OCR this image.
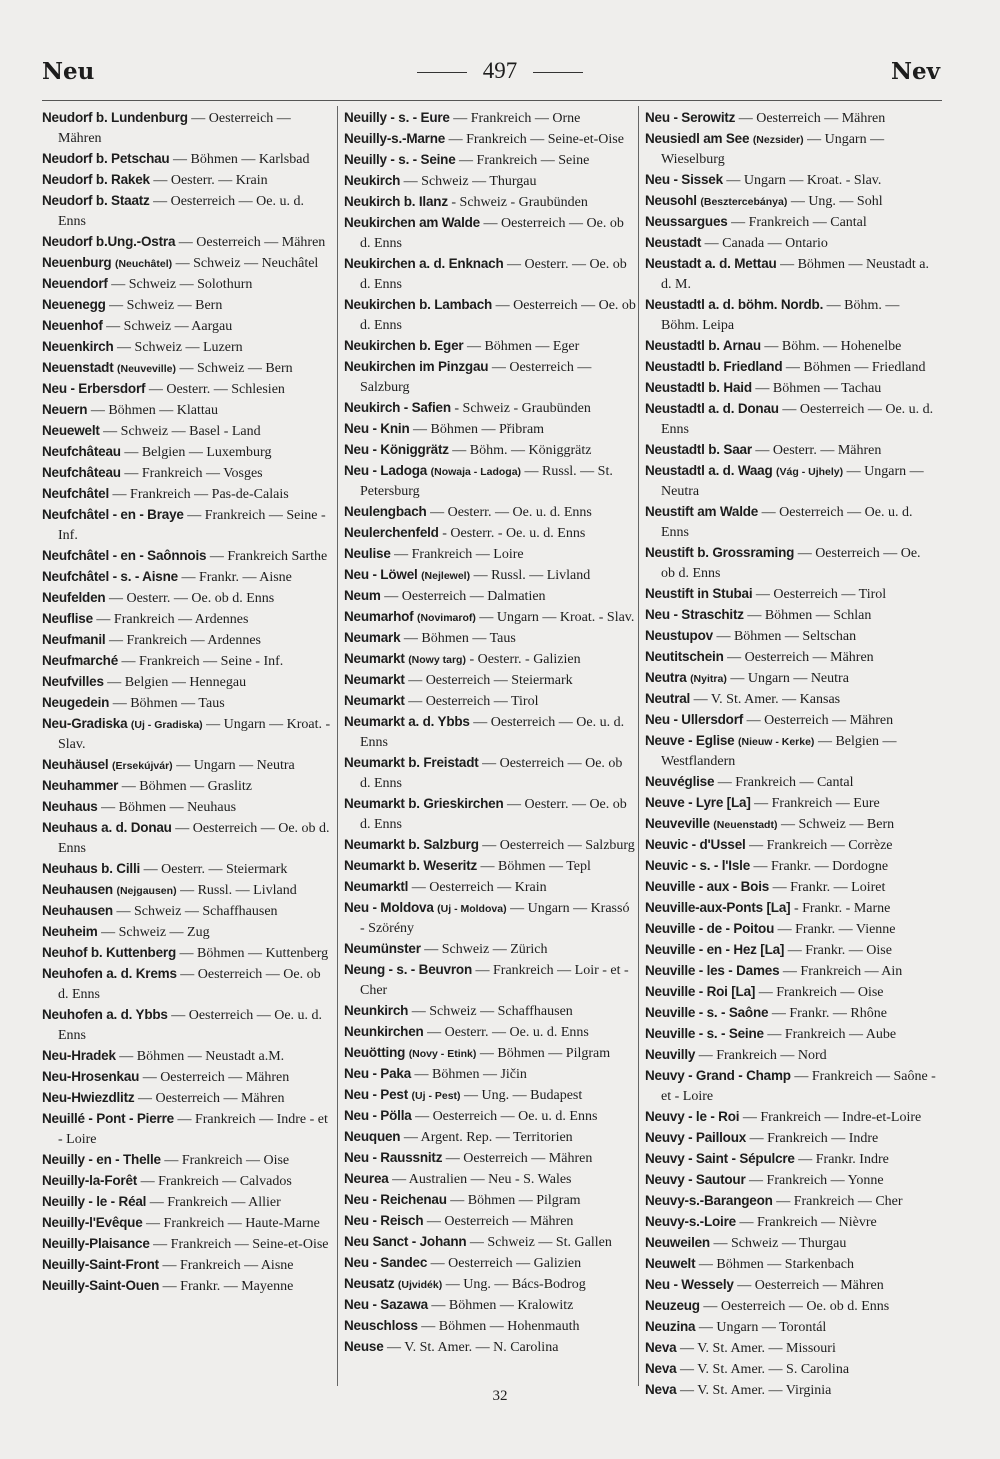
Neu	497	Nev

Neudorf b. Lundenburg — Oesterreich — Mähren

Neudorf b. Petschau — Böhmen — Karlsbad

Neudorf b. Rakek — Oesterr. — Krain

Neudorf b. Staatz — Oesterreich — Oe. u. d. Enns

Neudorf b.Ung.-Ostra — Oesterreich — Mähren

Neuenburg (Neuchâtel) — Schweiz — Neuchâtel

Neuendorf — Schweiz — Solothurn

Neuenegg — Schweiz — Bern

Neuenhof — Schweiz — Aargau

Neuenkirch — Schweiz — Luzern

Neuenstadt (Neuveville) — Schweiz — Bern

Neu - Erbersdorf — Oesterr. — Schlesien

Neuern — Böhmen — Klattau

Neuewelt — Schweiz — Basel - Land

Neufchâteau — Belgien — Luxemburg

Neufchâteau — Frankreich — Vosges

Neufchâtel — Frankreich — Pas-de-Calais

Neufchâtel - en - Braye — Frankreich — Seine - Inf.

Neufchâtel - en - Saônnois — Frankreich Sarthe

Neufchâtel - s. - Aisne — Frankr. — Aisne

Neufelden — Oesterr. — Oe. ob d. Enns

Neuflise — Frankreich — Ardennes

Neufmanil — Frankreich — Ardennes

Neufmarché — Frankreich — Seine - Inf.

Neufvilles — Belgien — Hennegau

Neugedein — Böhmen — Taus

Neu-Gradiska (Uj - Gradiska) — Ungarn — Kroat. - Slav.

Neuhäusel (Ersekújvár) — Ungarn — Neutra

Neuhammer — Böhmen — Graslitz

Neuhaus — Böhmen — Neuhaus

Neuhaus a. d. Donau — Oesterreich — Oe. ob d. Enns

Neuhaus b. Cilli — Oesterr. — Steiermark

Neuhausen (Nejgausen) — Russl. — Livland

Neuhausen — Schweiz — Schaffhausen

Neuheim — Schweiz — Zug

Neuhof b. Kuttenberg — Böhmen — Kuttenberg

Neuhofen a. d. Krems — Oesterreich — Oe. ob d. Enns

Neuhofen a. d. Ybbs — Oesterreich — Oe. u. d. Enns

Neu-Hradek — Böhmen — Neustadt a.M.

Neu-Hrosenkau — Oesterreich — Mähren

Neu-Hwiezdlitz — Oesterreich — Mähren

Neuillé - Pont - Pierre — Frankreich — Indre - et - Loire

Neuilly - en - Thelle — Frankreich — Oise

Neuilly-la-Forêt — Frankreich — Calvados

Neuilly - le - Réal — Frankreich — Allier

Neuilly-l'Evêque — Frankreich — Haute-Marne

Neuilly-Plaisance — Frankreich — Seine-et-Oise

Neuilly-Saint-Front — Frankreich — Aisne

Neuilly-Saint-Ouen — Frankr. — Mayenne

Neuilly - s. - Eure — Frankreich — Orne

Neuilly-s.-Marne — Frankreich — Seine-et-Oise

Neuilly - s. - Seine — Frankreich — Seine

Neukirch — Schweiz — Thurgau

Neukirch b. Ilanz - Schweiz - Graubünden

Neukirchen am Walde — Oesterreich — Oe. ob d. Enns

Neukirchen a. d. Enknach — Oesterr. — Oe. ob d. Enns

Neukirchen b. Lambach — Oesterreich — Oe. ob d. Enns

Neukirchen b. Eger — Böhmen — Eger

Neukirchen im Pinzgau — Oesterreich — Salzburg

Neukirch - Safien - Schweiz - Graubünden

Neu - Knin — Böhmen — Přibram

Neu - Königgrätz — Böhm. — Königgrätz

Neu - Ladoga (Nowaja - Ladoga) — Russl. — St. Petersburg

Neulengbach — Oesterr. — Oe. u. d. Enns

Neulerchenfeld - Oesterr. - Oe. u. d. Enns

Neulise — Frankreich — Loire

Neu - Löwel (Nejlewel) — Russl. — Livland

Neum — Oesterreich — Dalmatien

Neumarhof (Novimarof) — Ungarn — Kroat. - Slav.

Neumark — Böhmen — Taus

Neumarkt (Nowy targ) - Oesterr. - Galizien

Neumarkt — Oesterreich — Steiermark

Neumarkt — Oesterreich — Tirol

Neumarkt a. d. Ybbs — Oesterreich — Oe. u. d. Enns

Neumarkt b. Freistadt — Oesterreich — Oe. ob d. Enns

Neumarkt b. Grieskirchen — Oesterr. — Oe. ob d. Enns

Neumarkt b. Salzburg — Oesterreich — Salzburg

Neumarkt b. Weseritz — Böhmen — Tepl

Neumarktl — Oesterreich — Krain

Neu - Moldova (Uj - Moldova) — Ungarn — Krassó - Szörény

Neumünster — Schweiz — Zürich

Neung - s. - Beuvron — Frankreich — Loir - et - Cher

Neunkirch — Schweiz — Schaffhausen

Neunkirchen — Oesterr. — Oe. u. d. Enns

Neuötting (Novy - Etink) — Böhmen — Pilgram

Neu - Paka — Böhmen — Jičin

Neu - Pest (Uj - Pest) — Ung. — Budapest

Neu - Pölla — Oesterreich — Oe. u. d. Enns

Neuquen — Argent. Rep. — Territorien

Neu - Raussnitz — Oesterreich — Mähren

Neurea — Australien — Neu - S. Wales

Neu - Reichenau — Böhmen — Pilgram

Neu - Reisch — Oesterreich — Mähren

Neu Sanct - Johann — Schweiz — St. Gallen

Neu - Sandec — Oesterreich — Galizien

Neusatz (Ujvidék) — Ung. — Bács-Bodrog

Neu - Sazawa — Böhmen — Kralowitz

Neuschloss — Böhmen — Hohenmauth

Neuse — V. St. Amer. — N. Carolina

Neu - Serowitz — Oesterreich — Mähren

Neusiedl am See (Nezsider) — Ungarn — Wieselburg

Neu - Sissek — Ungarn — Kroat. - Slav.

Neusohl (Besztercebánya) — Ung. — Sohl

Neussargues — Frankreich — Cantal

Neustadt — Canada — Ontario

Neustadt a. d. Mettau — Böhmen — Neustadt a. d. M.

Neustadtl a. d. böhm. Nordb. — Böhm. — Böhm. Leipa

Neustadtl b. Arnau — Böhm. — Hohenelbe

Neustadtl b. Friedland — Böhmen — Friedland

Neustadtl b. Haid — Böhmen — Tachau

Neustadtl a. d. Donau — Oesterreich — Oe. u. d. Enns

Neustadtl b. Saar — Oesterr. — Mähren

Neustadtl a. d. Waag (Vág - Ujhely) — Ungarn — Neutra

Neustift am Walde — Oesterreich — Oe. u. d. Enns

Neustift b. Grossraming — Oesterreich — Oe. ob d. Enns

Neustift in Stubai — Oesterreich — Tirol

Neu - Straschitz — Böhmen — Schlan

Neustupov — Böhmen — Seltschan

Neutitschein — Oesterreich — Mähren

Neutra (Nyitra) — Ungarn — Neutra

Neutral — V. St. Amer. — Kansas

Neu - Ullersdorf — Oesterreich — Mähren

Neuve - Eglise (Nieuw - Kerke) — Belgien — Westflandern

Neuvéglise — Frankreich — Cantal

Neuve - Lyre [La] — Frankreich — Eure

Neuveville (Neuenstadt) — Schweiz — Bern

Neuvic - d'Ussel — Frankreich — Corrèze

Neuvic - s. - l'Isle — Frankr. — Dordogne

Neuville - aux - Bois — Frankr. — Loiret

Neuville-aux-Ponts [La] - Frankr. - Marne

Neuville - de - Poitou — Frankr. — Vienne

Neuville - en - Hez [La] — Frankr. — Oise

Neuville - les - Dames — Frankreich — Ain

Neuville - Roi [La] — Frankreich — Oise

Neuville - s. - Saône — Frankr. — Rhône

Neuville - s. - Seine — Frankreich — Aube

Neuvilly — Frankreich — Nord

Neuvy - Grand - Champ — Frankreich — Saône - et - Loire

Neuvy - le - Roi — Frankreich — Indre-et-Loire

Neuvy - Pailloux — Frankreich — Indre

Neuvy - Saint - Sépulcre — Frankr. Indre

Neuvy - Sautour — Frankreich — Yonne

Neuvy-s.-Barangeon — Frankreich — Cher

Neuvy-s.-Loire — Frankreich — Nièvre

Neuweilen — Schweiz — Thurgau

Neuwelt — Böhmen — Starkenbach

Neu - Wessely — Oesterreich — Mähren

Neuzeug — Oesterreich — Oe. ob d. Enns

Neuzina — Ungarn — Torontál

Neva — V. St. Amer. — Missouri

Neva — V. St. Amer. — S. Carolina

Neva — V. St. Amer. — Virginia

32
